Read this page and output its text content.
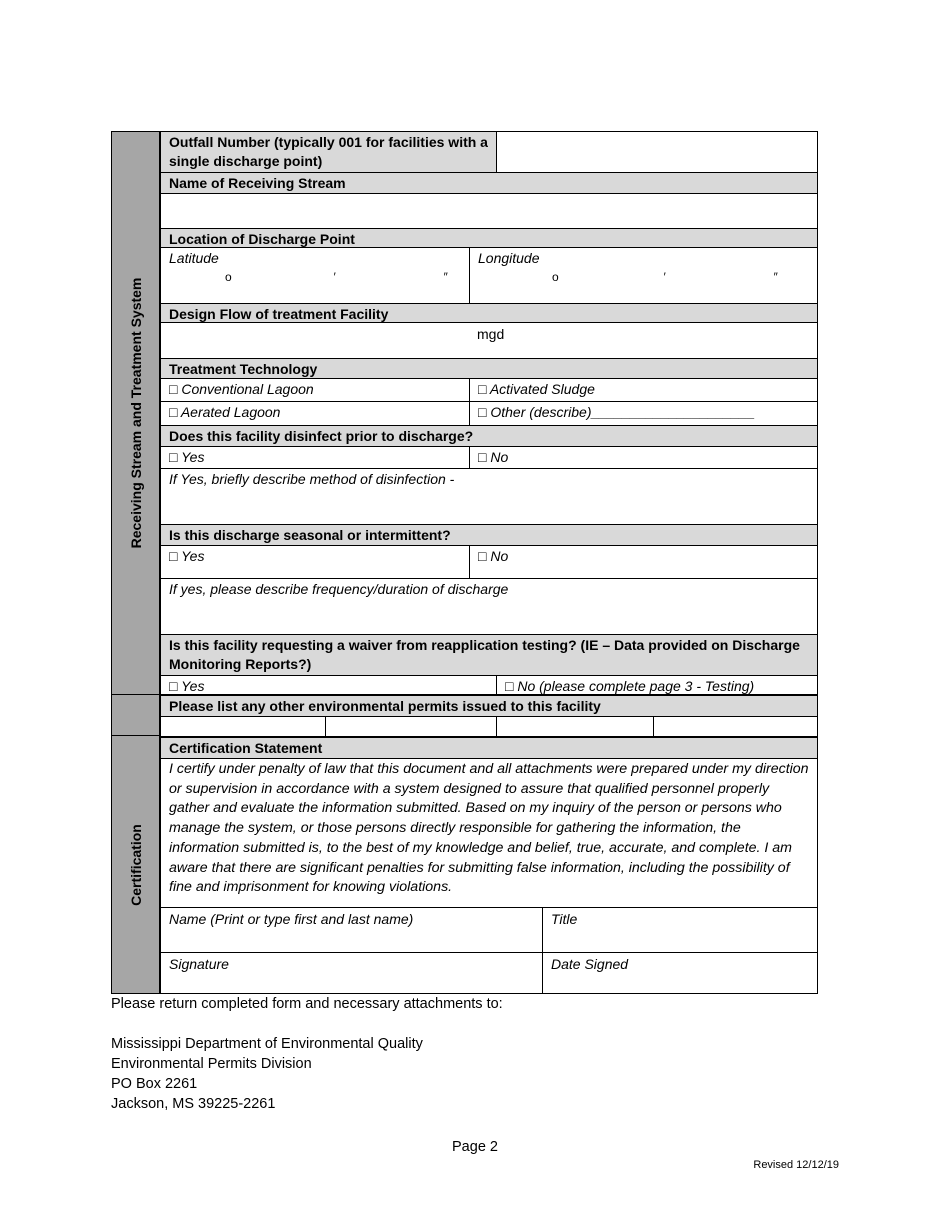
Receiving Stream and Treatment System
Certification
Outfall Number (typically 001 for facilities with a single discharge point)
Name of Receiving Stream
Location of Discharge Point
Latitude
o	′	″
Longitude
o	′	″
Design Flow of treatment Facility
mgd
Treatment Technology
□ Conventional Lagoon	□ Activated Sludge
□ Aerated Lagoon	□ Other (describe)_____________________
Does this facility disinfect prior to discharge?
□ Yes	□ No
If Yes, briefly describe method of disinfection -
Is this discharge seasonal or intermittent?
□ Yes	□ No
If yes, please describe frequency/duration of discharge
Is this facility requesting a waiver from reapplication testing? (IE – Data provided on Discharge Monitoring Reports?)
□ Yes	□ No (please complete page 3 - Testing)
Please list any other environmental permits issued to this facility
Certification Statement
I certify under penalty of law that this document and all attachments were prepared under my direction or supervision in accordance with a system designed to assure that qualified personnel properly gather and evaluate the information submitted. Based on my inquiry of the person or persons who manage the system, or those persons directly responsible for gathering the information, the information submitted is, to the best of my knowledge and belief, true, accurate, and complete. I am aware that there are significant penalties for submitting false information, including the possibility of fine and imprisonment for knowing violations.
Name (Print or type first and last name)	Title
Signature	Date Signed
Please return completed form and necessary attachments to:
Mississippi Department of Environmental Quality
Environmental Permits Division
PO Box 2261
Jackson, MS 39225-2261
Page 2
Revised 12/12/19
